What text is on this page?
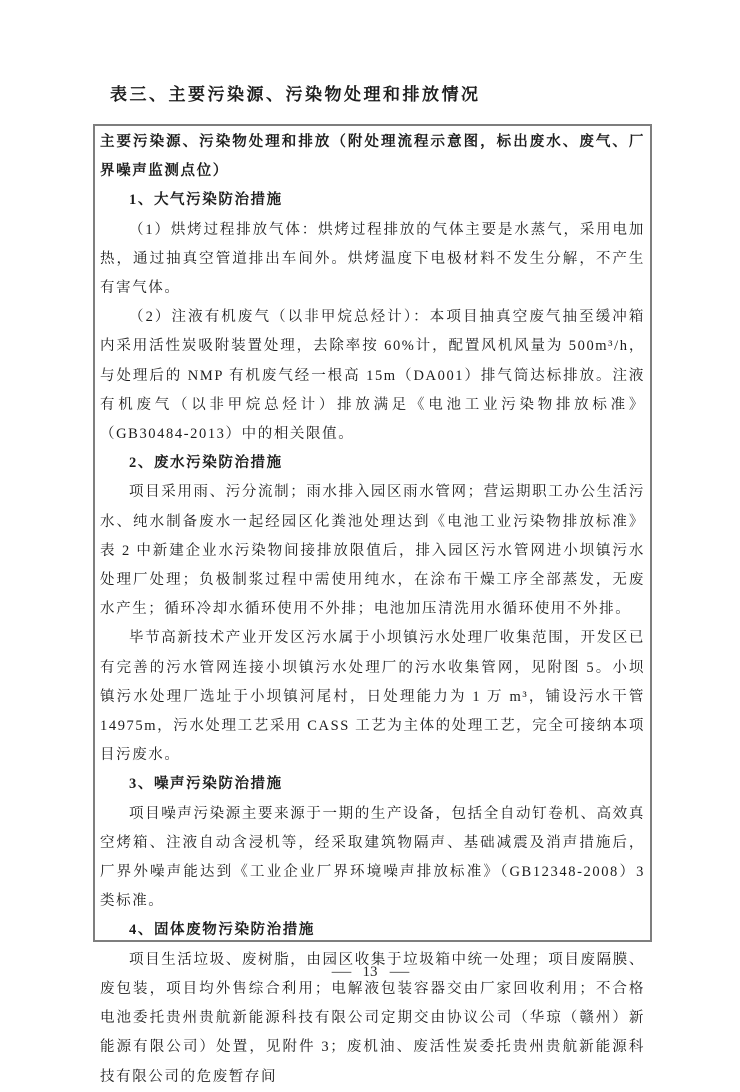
表三、主要污染源、污染物处理和排放情况

主要污染源、污染物处理和排放（附处理流程示意图，标出废水、废气、厂界噪声监测点位）

1、大气污染防治措施

（1）烘烤过程排放气体：烘烤过程排放的气体主要是水蒸气，采用电加热，通过抽真空管道排出车间外。烘烤温度下电极材料不发生分解，不产生有害气体。

（2）注液有机废气（以非甲烷总烃计）：本项目抽真空废气抽至缓冲箱内采用活性炭吸附装置处理，去除率按 60%计，配置风机风量为 500m³/h，与处理后的 NMP 有机废气经一根高 15m（DA001）排气筒达标排放。注液有机废气（以非甲烷总烃计）排放满足《电池工业污染物排放标准》（GB30484-2013）中的相关限值。

2、废水污染防治措施

项目采用雨、污分流制；雨水排入园区雨水管网；营运期职工办公生活污水、纯水制备废水一起经园区化粪池处理达到《电池工业污染物排放标准》表 2 中新建企业水污染物间接排放限值后，排入园区污水管网进小坝镇污水处理厂处理；负极制浆过程中需使用纯水，在涂布干燥工序全部蒸发，无废水产生；循环冷却水循环使用不外排；电池加压清洗用水循环使用不外排。

毕节高新技术产业开发区污水属于小坝镇污水处理厂收集范围，开发区已有完善的污水管网连接小坝镇污水处理厂的污水收集管网，见附图 5。小坝镇污水处理厂选址于小坝镇河尾村，日处理能力为 1 万 m³，铺设污水干管 14975m，污水处理工艺采用 CASS 工艺为主体的处理工艺，完全可接纳本项目污废水。

3、噪声污染防治措施

项目噪声污染源主要来源于一期的生产设备，包括全自动钉卷机、高效真空烤箱、注液自动含浸机等，经采取建筑物隔声、基础减震及消声措施后，厂界外噪声能达到《工业企业厂界环境噪声排放标准》（GB12348-2008）3 类标准。

4、固体废物污染防治措施

项目生活垃圾、废树脂，由园区收集于垃圾箱中统一处理；项目废隔膜、废包装，项目均外售综合利用；电解液包装容器交由厂家回收利用；不合格电池委托贵州贵航新能源科技有限公司定期交由协议公司（华琼（赣州）新能源有限公司）处置，见附件 3；废机油、废活性炭委托贵州贵航新能源科技有限公司的危废暂存间

— 13 —
